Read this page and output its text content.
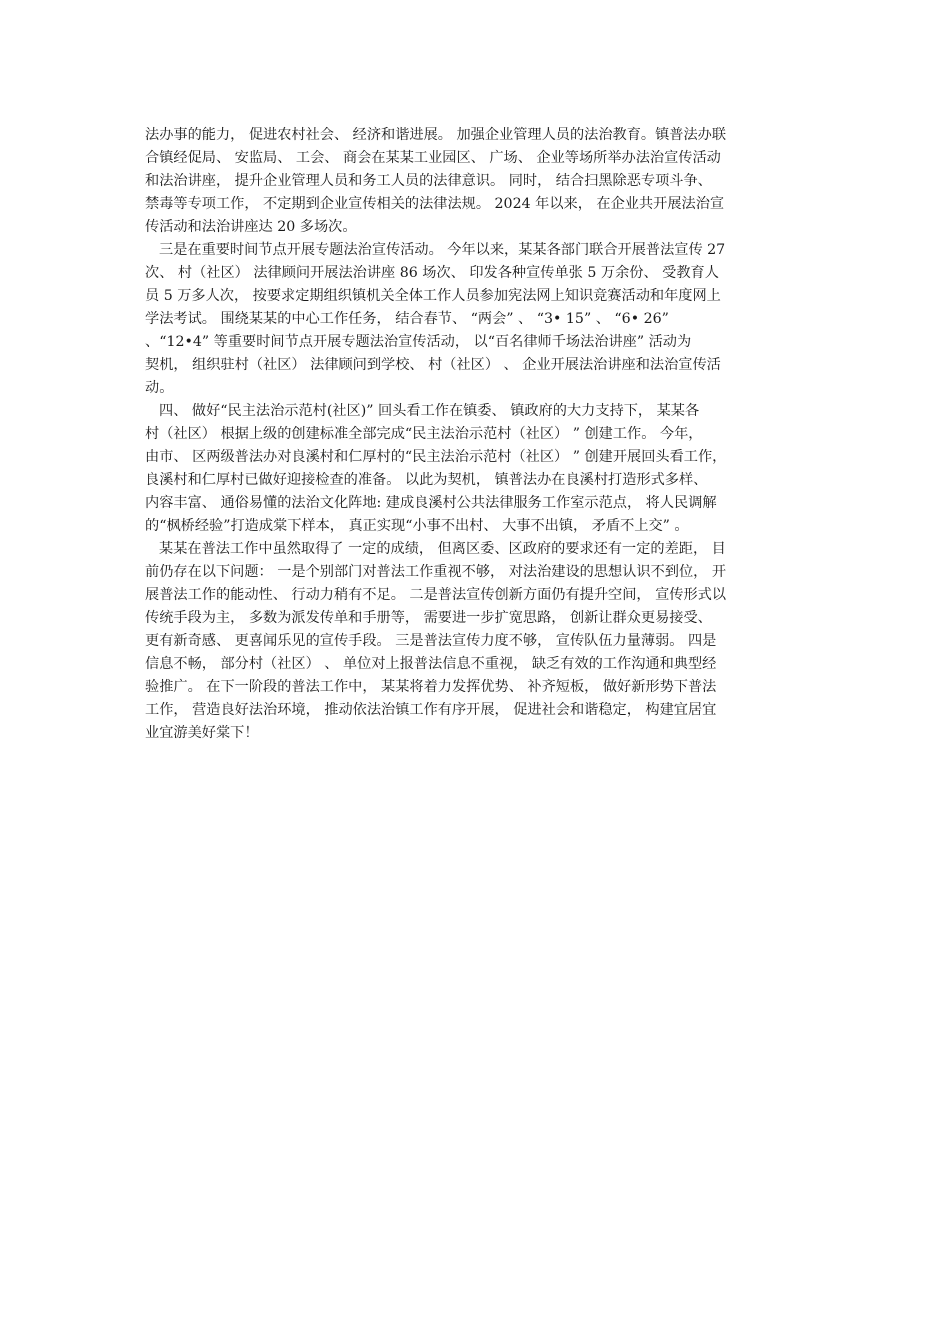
法办事的能力， 促进农村社会、 经济和谐进展。 加强企业管理人员的法治教育。镇普法办联
合镇经促局、 安监局、 工会、 商会在某某工业园区、 广场、 企业等场所举办法治宣传活动
和法治讲座， 提升企业管理人员和务工人员的法律意识。 同时， 结合扫黑除恶专项斗争、
禁毒等专项工作， 不定期到企业宣传相关的法律法规。 2024 年以来， 在企业共开展法治宣
传活动和法治讲座达 20 多场次。
三是在重要时间节点开展专题法治宣传活动。 今年以来，某某各部门联合开展普法宣传 27
次、 村（社区） 法律顾问开展法治讲座 86 场次、 印发各种宣传单张 5 万余份、 受教育人
员 5 万多人次， 按要求定期组织镇机关全体工作人员参加宪法网上知识竞赛活动和年度网上
学法考试。 围绕某某的中心工作任务， 结合春节、 “两会” 、 “3• 15” 、 “6• 26”
、“12•4” 等重要时间节点开展专题法治宣传活动， 以“百名律师千场法治讲座” 活动为
契机， 组织驻村（社区） 法律顾问到学校、 村（社区） 、 企业开展法治讲座和法治宣传活
动。
四、 做好“民主法治示范村(社区)” 回头看工作在镇委、 镇政府的大力支持下， 某某各
村（社区） 根据上级的创建标准全部完成“民主法治示范村（社区） ” 创建工作。 今年，
由市、 区两级普法办对良溪村和仁厚村的“民主法治示范村（社区） ” 创建开展回头看工作，
良溪村和仁厚村已做好迎接检查的准备。 以此为契机， 镇普法办在良溪村打造形式多样、
内容丰富、 通俗易懂的法治文化阵地: 建成良溪村公共法律服务工作室示范点， 将人民调解
的“枫桥经验”打造成棠下样本， 真正实现“小事不出村、 大事不出镇， 矛盾不上交” 。
某某在普法工作中虽然取得了 一定的成绩， 但离区委、区政府的要求还有一定的差距， 目
前仍存在以下问题： 一是个别部门对普法工作重视不够， 对法治建设的思想认识不到位， 开
展普法工作的能动性、 行动力稍有不足。 二是普法宣传创新方面仍有提升空间， 宣传形式以
传统手段为主， 多数为派发传单和手册等， 需要进一步扩宽思路， 创新让群众更易接受、
更有新奇感、 更喜闻乐见的宣传手段。 三是普法宣传力度不够， 宣传队伍力量薄弱。 四是
信息不畅， 部分村（社区） 、 单位对上报普法信息不重视， 缺乏有效的工作沟通和典型经
验推广。 在下一阶段的普法工作中， 某某将着力发挥优势、 补齐短板， 做好新形势下普法
工作， 营造良好法治环境， 推动依法治镇工作有序开展， 促进社会和谐稳定， 构建宜居宜
业宜游美好棠下！
